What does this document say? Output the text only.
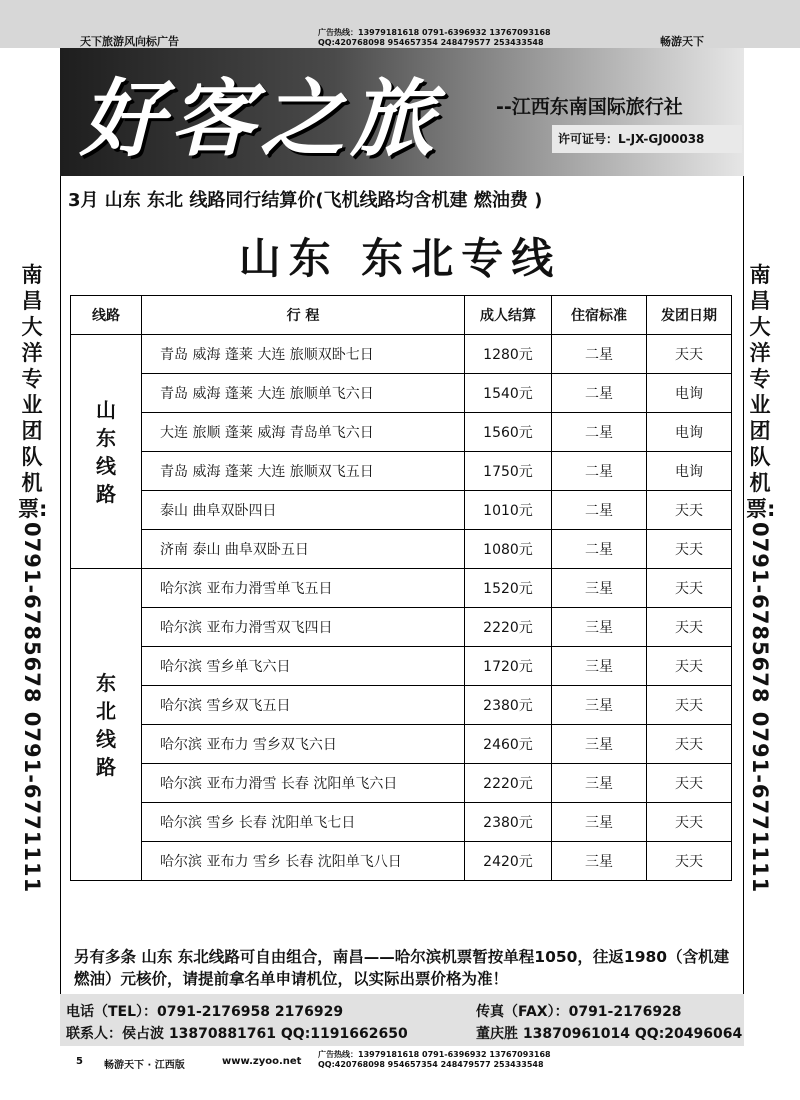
天下旅游风向标广告
广告热线：13979181618 0791-6396932 13767093168
QQ:420768098 954657354 248479577 253433548	畅游天下
好客之旅	--江西东南国际旅行社
许可证号：L-JX-GJ00038
3月 山东 东北 线路同行结算价(飞机线路均含机建 燃油费 )
山东 东北专线
南昌大洋专业团队机票:
0791-6785678 0791-6771111
南昌大洋专业团队机票:
0791-6785678 0791-6771111
线路	行 程	成人结算	住宿标准	发团日期
山东线路	青岛 威海 蓬莱 大连 旅顺双卧七日	1280元	二星	天天
	青岛 威海 蓬莱 大连 旅顺单飞六日	1540元	二星	电询
	大连 旅顺 蓬莱 威海 青岛单飞六日	1560元	二星	电询
	青岛 威海 蓬莱 大连 旅顺双飞五日	1750元	二星	电询
	泰山 曲阜双卧四日	1010元	二星	天天
	济南 泰山 曲阜双卧五日	1080元	二星	天天
东北线路	哈尔滨 亚布力滑雪单飞五日	1520元	三星	天天
	哈尔滨 亚布力滑雪双飞四日	2220元	三星	天天
	哈尔滨 雪乡单飞六日	1720元	三星	天天
	哈尔滨 雪乡双飞五日	2380元	三星	天天
	哈尔滨 亚布力 雪乡双飞六日	2460元	三星	天天
	哈尔滨 亚布力滑雪 长春 沈阳单飞六日	2220元	三星	天天
	哈尔滨 雪乡 长春 沈阳单飞七日	2380元	三星	天天
	哈尔滨 亚布力 雪乡 长春 沈阳单飞八日	2420元	三星	天天
另有多条 山东 东北线路可自由组合，南昌——哈尔滨机票暂按单程1050，往返1980（含机建 燃油）元核价，请提前拿名单申请机位，以实际出票价格为准！
电话（TEL）：0791-2176958 2176929	传真（FAX）：0791-2176928
联系人：侯占波 13870881761 QQ:1191662650	董庆胜 13870961014 QQ:20496064
5 畅游天下 · 江西版	www.zyoo.net
广告热线：13979181618 0791-6396932 13767093168
QQ:420768098 954657354 248479577 253433548
